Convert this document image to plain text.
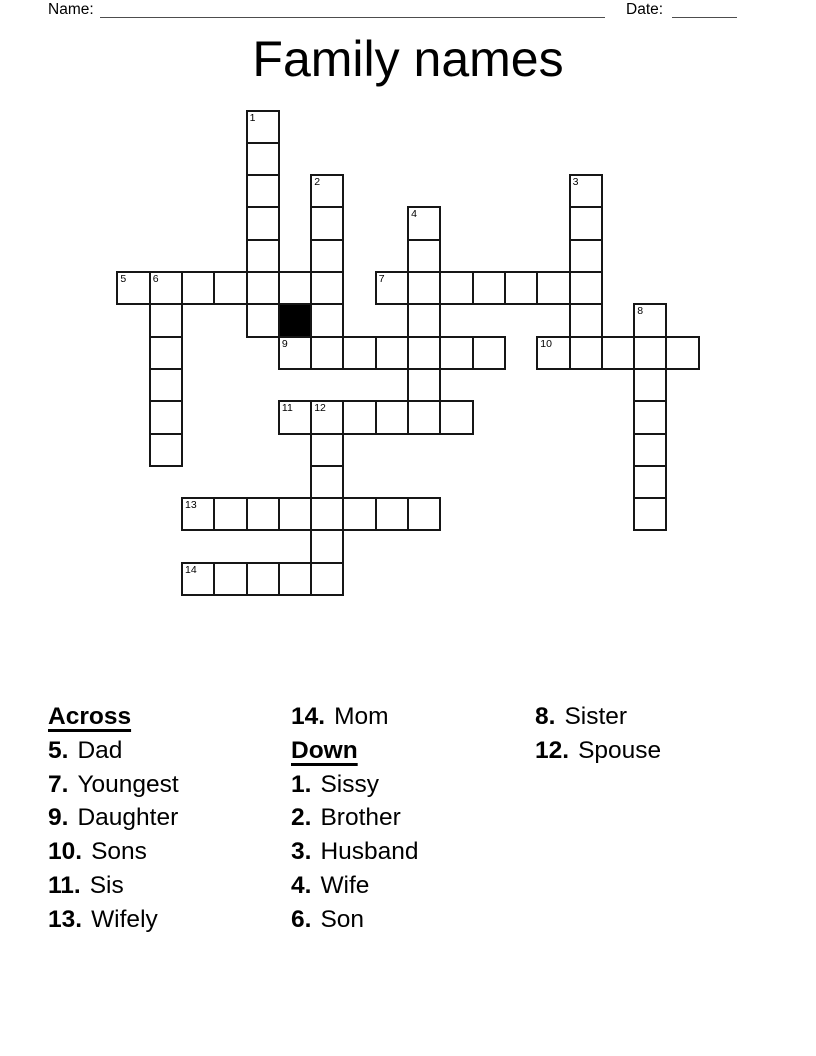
Name:	Date:
Family names
1
2	3
4
5	6	7
8
9	10
11 12
13
14
Across
5. Dad
7. Youngest
9. Daughter
10. Sons
11. Sis
13. Wifely
14. Mom
Down
1. Sissy
2. Brother
3. Husband
4. Wife
6. Son
8. Sister
12. Spouse
